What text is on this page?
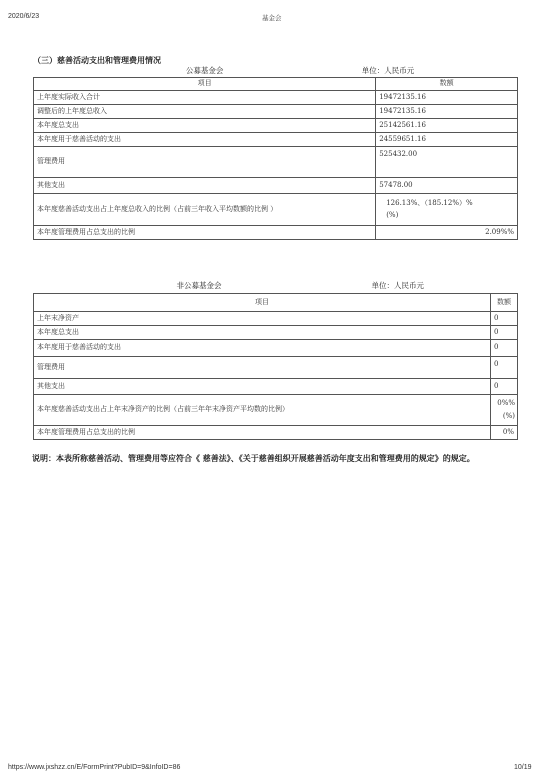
2020/6/23	基金会
（三）慈善活动支出和管理费用情况
公募基金会	单位：人民币元
项目	数额
上年度实际收入合计	19472135.16
调整后的上年度总收入	19472135.16
本年度总支出	25142561.16
本年度用于慈善活动的支出	24559651.16
管理费用	525432.00
其他支出	57478.00
本年度慈善活动支出占上年度总收入的比例（占前三年收入平均数额的比例 ）	126.13%、（185.12%）%
(%)

本年度管理费用占总支出的比例	2.09%%
非公募基金会 单位：人民币元	

项目	数额
上年末净资产	0
本年度总支出	0
本年度用于慈善活动的支出	0
管理费用	0
其他支出	0
本年度慈善活动支出占上年末净资产的比例（占前三年年末净资产平均数的比例）	0%%
(%)

本年度管理费用占总支出的比例	0%
说明：本表所称慈善活动、管理费用等应符合《 慈善法》、《关于慈善组织开展慈善活动年度支出和管理费用的规定》的规定。
https://www.jxshzz.cn/E/FormPrint?PubID=9&InfoID=86	10/19
